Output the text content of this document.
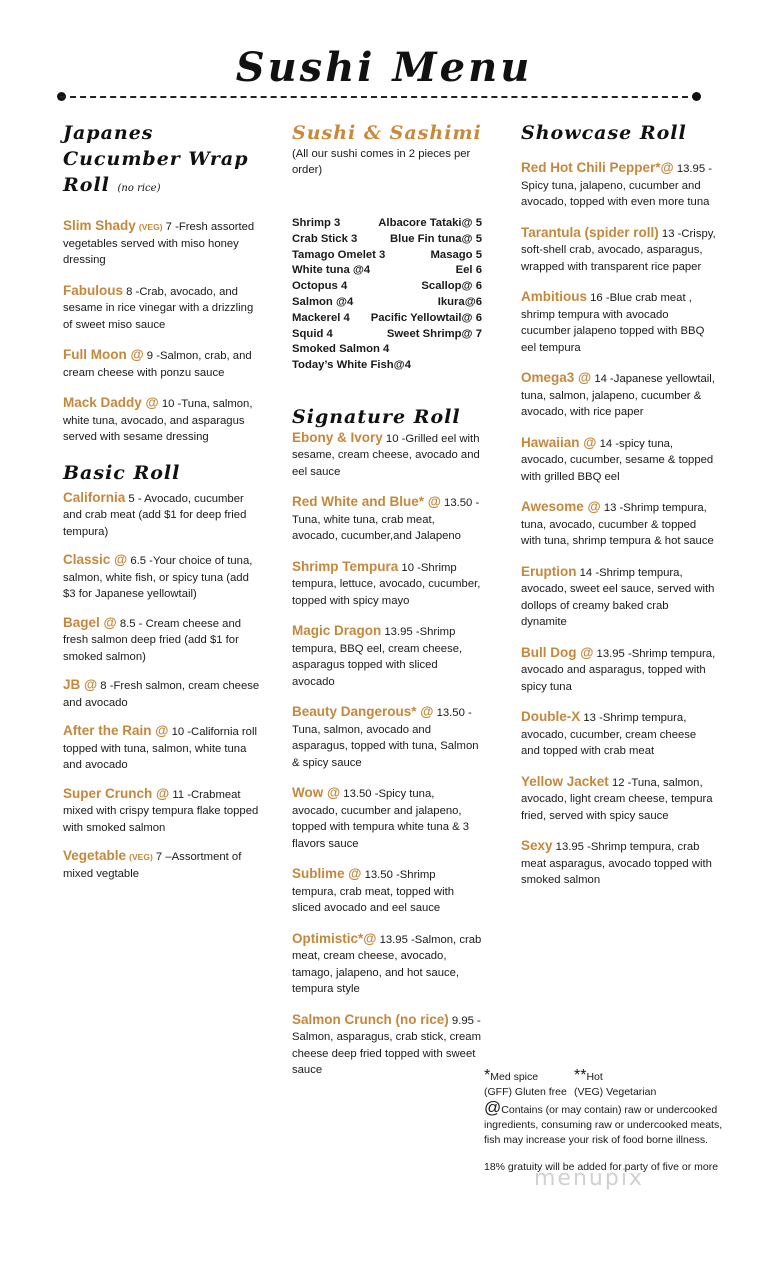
Sushi Menu
Japanes Cucumber Wrap Roll (no rice)
Slim Shady (VEG) 7 -Fresh assorted vegetables served with miso honey dressing
Fabulous 8 -Crab, avocado, and sesame in rice vinegar with a drizzling of sweet miso sauce
Full Moon @ 9 -Salmon, crab, and cream cheese with ponzu sauce
Mack Daddy @ 10 -Tuna, salmon, white tuna, avocado, and asparagus served with sesame dressing
Basic Roll
California 5 - Avocado, cucumber and crab meat (add $1 for deep fried tempura)
Classic @ 6.5 -Your choice of tuna, salmon, white fish, or spicy tuna (add $3 for Japanese yellowtail)
Bagel @ 8.5 - Cream cheese and fresh salmon deep fried (add $1 for smoked salmon)
JB @ 8 -Fresh salmon, cream cheese and avocado
After the Rain @ 10 -California roll topped with tuna, salmon, white tuna and avocado
Super Crunch @ 11 -Crabmeat mixed with crispy tempura flake topped with smoked salmon
Vegetable (VEG) 7 –Assortment of mixed vegtable
Sushi & Sashimi
(All our sushi comes in 2 pieces per order)
Shrimp 3	Albacore Tataki@ 5
Crab Stick 3	Blue Fin tuna@ 5
Tamago Omelet 3	Masago 5
White tuna @4	Eel 6
Octopus 4	Scallop@ 6
Salmon @4	Ikura@6
Mackerel 4 Pacific Yellowtail@ 6
Squid 4	Sweet Shrimp@ 7
Smoked Salmon 4
Today’s White Fish@4
Signature Roll
Ebony & Ivory 10 -Grilled eel with sesame, cream cheese, avocado and eel sauce
Red White and Blue* @ 13.50 -Tuna, white tuna, crab meat, avocado, cucumber,and Jalapeno
Shrimp Tempura 10 -Shrimp tempura, lettuce, avocado, cucumber, topped with spicy mayo
Magic Dragon 13.95 -Shrimp tempura, BBQ eel, cream cheese, asparagus topped with sliced avocado
Beauty Dangerous* @ 13.50 -Tuna, salmon, avocado and asparagus, topped with tuna, Salmon & spicy sauce
Wow @ 13.50 -Spicy tuna, avocado, cucumber and jalapeno, topped with tempura white tuna & 3 flavors sauce
Sublime @ 13.50 -Shrimp tempura, crab meat, topped with sliced avocado and eel sauce
Optimistic*@ 13.95 -Salmon, crab meat, cream cheese, avocado, tamago, jalapeno, and hot sauce, tempura style
Salmon Crunch (no rice) 9.95 -Salmon, asparagus, crab stick, cream cheese deep fried topped with sweet sauce
Showcase Roll
Red Hot Chili Pepper*@ 13.95 -Spicy tuna, jalapeno, cucumber and avocado, topped with even more tuna
Tarantula (spider roll) 13 -Crispy, soft-shell crab, avocado, asparagus, wrapped with transparent rice paper
Ambitious 16 -Blue crab meat , shrimp tempura with avocado cucumber jalapeno topped with BBQ eel tempura
Omega3 @ 14 -Japanese yellowtail, tuna, salmon, jalapeno, cucumber & avocado, with rice paper
Hawaiian @ 14 -spicy tuna, avocado, cucumber, sesame & topped with grilled BBQ eel
Awesome @ 13 -Shrimp tempura, tuna, avocado, cucumber & topped with tuna, shrimp tempura & hot sauce
Eruption 14 -Shrimp tempura, avocado, sweet eel sauce, served with dollops of creamy baked crab dynamite
Bull Dog @ 13.95 -Shrimp tempura, avocado and asparagus, topped with spicy tuna
Double-X 13 -Shrimp tempura, avocado, cucumber, cream cheese and topped with crab meat
Yellow Jacket 12 -Tuna, salmon, avocado, light cream cheese, tempura fried, served with spicy sauce
Sexy 13.95 -Shrimp tempura, crab meat asparagus, avocado topped with smoked salmon
*Med spice	**Hot
(GFF) Gluten free (VEG) Vegetarian
@Contains (or may contain) raw or undercooked ingredients, consuming raw or undercooked meats, fish may increase your risk of food borne illness.
18% gratuity will be added for party of five or more
menupix
